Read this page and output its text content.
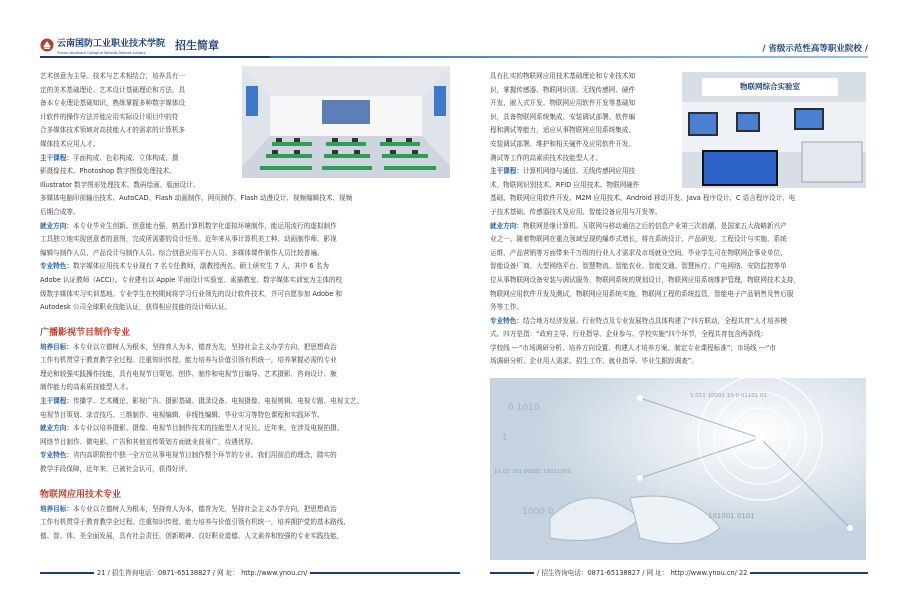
云南国防工业职业技术学院
Yunnan Vocational College of National Defense Industry
招生简章	/ 省级示范性高等职业院校 /

艺术创意为主导。技术与艺术相结合，培养具有一

定的美术基础理论、艺术设计基础理论和方法，具

备本专业理论基础知识，熟练掌握多种数字媒体设

计软件的操作方法并能应用实际设计项目中的符

合多媒体技术领域对高技能人才的需求的计算机多

媒体技术应用人才。

主干课程：平面构成、色彩构成、立体构成、摄

影摄像技术、Photoshop 数字图像处理技术、

Illustrator 数字图形处理技术、数码绘画、版面设计、

多媒体电脑印前输出技术、AutoCAD、Flash 动画制作、网页制作、Flash 动漫设计、视频编辑技术、视频

后期合成等。

就业方向：本专业毕业生创新、创意能力强，熟悉计算机数字化虚拟环境制作，能运用流行的虚拟制作

工具独立地实现创意者的意图，完成所需要的设计任务。近年来从事计算机美工种、动画制作师、影视

编辑与制作人员、产品设计与制作人员、综合创意应用平台人员、多媒体课件制作人员比较普遍。

专业特色：数字媒体应用技术专业现有 7 名专任教师，副教授两名，硕士研究生 7 人，其中 6 名为

Adobe 认证教师（ACCI）。专业建有以 Apple 平面设计实验室、素描教室、数字媒体实训室为主体的校

级数字媒体实习实训基地。专业学生在校期间将学习行业领先的设计软件技术，并可自愿参加 Adobe 和

Autodesk 公司全球职业技能认证，获得相应技能的设计师认证。

广播影视节目制作专业

培养目标：本专业以立德树人为根本，坚持育人为本，德育为先，坚持社会主义办学方向，把思想政治

工作有机贯穿于教育教学全过程。注重知识传授、能力培养与价值引领有机统一，培养掌握必需的专业

理论和较强实践操作技能，具有电视节目策划、创作、制作和电视节目编导、艺术摄影、咨询设计、频

制作能力的高素质技能型人才。

主干课程：传播学、艺术概论、影视广告、摄影基础、摄录设备、电视摄像、电视剪辑、电视专题、电视文艺、

电视节目策划、录音技巧、三维制作、电视编辑、非线性编辑、毕业实习等特色课程和实践环节。

就业方向：本专业以培养摄影、摄像、电视节目制作技术的技能型人才见长。近年来，在涉及电视拍摄、

网络节目制作、微电影、广告和其他宣传策划方面就业前景广，待遇优厚。

专业特色：省内高职院校中独一全方位从事电视节目制作整个环节的专业。我们用前沿的理念，踏实的

教学手段保障，近年来，已被社会认可，获得好评。

物联网应用技术专业

培养目标：本专业以立德树人为根本，坚持育人为本，德育为先，坚持社会主义办学方向，把思想政治

工作有机贯穿于教育教学全过程。注重知识传授、能力培养与价值引领有机统一，培养拥护党的基本路线，

德、智、体、美全面发展，具有社会责任、创新精神、良好职业道德、人文素养和较强的专业实践技能，

具有扎实的物联网应用技术基础理论和专业技术知

识，掌握传感器、物联网识别、无线传感网、硬件

开发、嵌入式开发、物联网应用软件开发等基础知

识，具备物联网系统集成、安装调试部署、软件编

程和测试等能力，适应从事物联网应用系统集成、

安装调试部署、维护和相关硬件及应用软件开发、

测试等工作的高素质技术技能型人才。

主干课程：计算机网络与通信、无线传感网应用技

术、物联网识别技术、RFID 应用技术、物联网硬件

基础、物联网应用软件开发、M2M 应用技术、Android 移动开发、Java 程序设计、C 语言程序设计、电

子技术基础、传感器技术及应用、智能设备应用与开发等。

就业方向：物联网是继计算机、互联网与移动通信之后的信息产业第三次浪潮，是国家五大战略新兴产

业之一。随着物联网在重点领域呈现的爆炸式增长，将在系统设计、产品研发、工程设计与实施、系统

运维、产品营销等方面带来千万级的行业人才需求及市场就业空间。毕业学生可在物联网企事业单位、

智能设备厂商、大型网络平台、智慧物流、智能农业、智能交通、智慧医疗、广电网络、安防监控等单

位从事物联网设备安装与调试服务，物联网系统的规划设计，物联网应用系统维护管理，物联网技术支持，

物联网应用软件开发及测试，物联网应用系统实施，物联网工程的系统监管，智能电子产品销售及售后服

务等工作。

专业特色：结合地方经济发展、行业特点及专业发展特点具体构建了“四方联动，全程共育”人才培养模

式。四方是指：“政府主导、行业指导、企业参与、学校实施”四个环节，全程共育包含两条线：

学校线 ---“市场调研分析、培养方向设置、构建人才培养方案、制定专业课程标准”；市场线 ---“市

场调研分析、企业用人需求、招生工作、就业指导、毕业生跟踪调查”。

物联网综合实验室
0 1010
1
11 01 101 00101 11011001
1000 0
1 011 10001 10 0 01101 01
101001 0101
21 / 招生咨询电话：0871-65138827 / 网 址： http://www.ynou.cn/	/ 招生咨询电话：0871-65138827 / 网 址： http://www.ynou.cn/ 22
